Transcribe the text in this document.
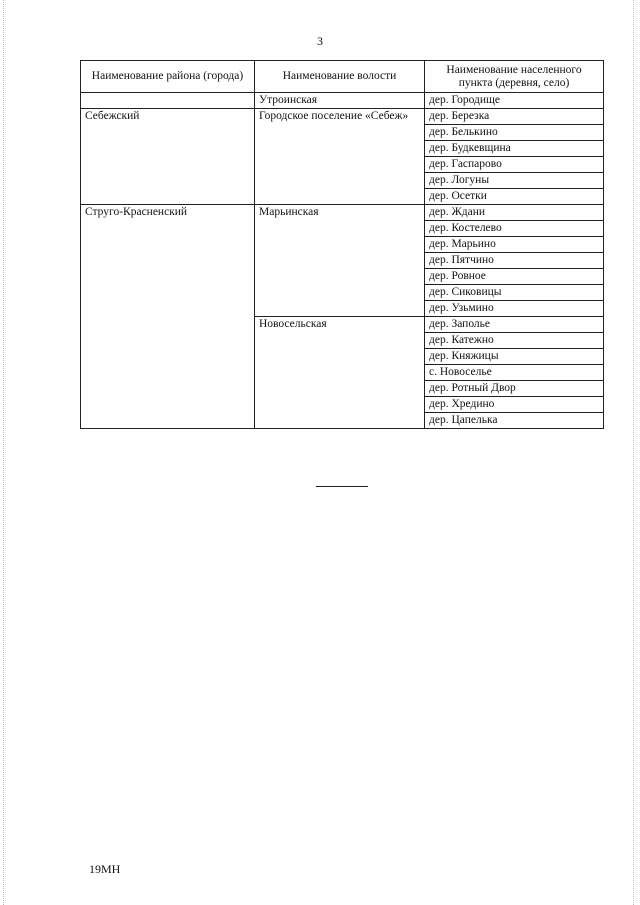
3
Наименование района (города)	Наименование волости	Наименование населенного пункта (деревня, село)
	Утроинская	дер. Городище
Себежский	Городское поселение «Себеж»	дер. Березка
		дер. Белькино
		дер. Будкевщина
		дер. Гаспарово
		дер. Логуны
		дер. Осетки
Струго-Красненский	Марьинская	дер. Ждани
		дер. Костелево
		дер. Марьино
		дер. Пятчино
		дер. Ровное
		дер. Сиковицы
		дер. Узьмино
	Новосельская	дер. Заполье
		дер. Катежно
		дер. Княжицы
		с. Новоселье
		дер. Ротный Двор
		дер. Хредино
		дер. Цапелька
19МН
